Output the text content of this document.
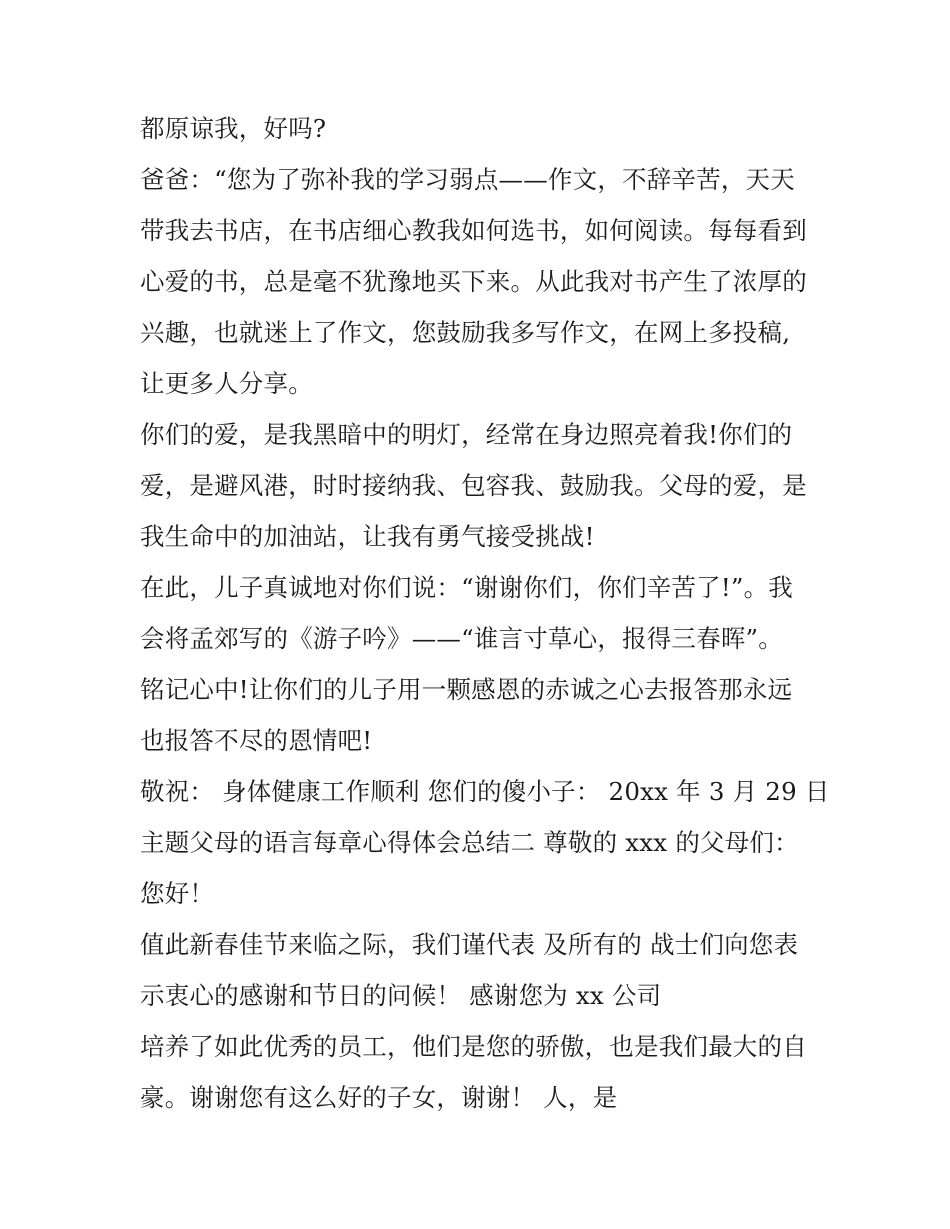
都原谅我，好吗?
爸爸：“您为了弥补我的学习弱点——作文，不辞辛苦，天天
带我去书店，在书店细心教我如何选书，如何阅读。每每看到
心爱的书，总是毫不犹豫地买下来。从此我对书产生了浓厚的
兴趣，也就迷上了作文，您鼓励我多写作文，在网上多投稿,
让更多人分享。
你们的爱，是我黑暗中的明灯，经常在身边照亮着我!你们的
爱，是避风港，时时接纳我、包容我、鼓励我。父母的爱，是
我生命中的加油站，让我有勇气接受挑战!
在此，儿子真诚地对你们说：“谢谢你们，你们辛苦了!”。我
会将孟郊写的《游子吟》——“谁言寸草心，报得三春晖”。
铭记心中!让你们的儿子用一颗感恩的赤诚之心去报答那永远
也报答不尽的恩情吧!
敬祝： 身体健康工作顺利 您们的傻小子： 20xx 年 3 月 29 日
主题父母的语言每章心得体会总结二 尊敬的 xxx 的父母们：
您好！
值此新春佳节来临之际，我们谨代表 及所有的 战士们向您表
示衷心的感谢和节日的问候！ 感谢您为 xx 公司
培养了如此优秀的员工，他们是您的骄傲，也是我们最大的自
豪。谢谢您有这么好的子女，谢谢！ 人，是
